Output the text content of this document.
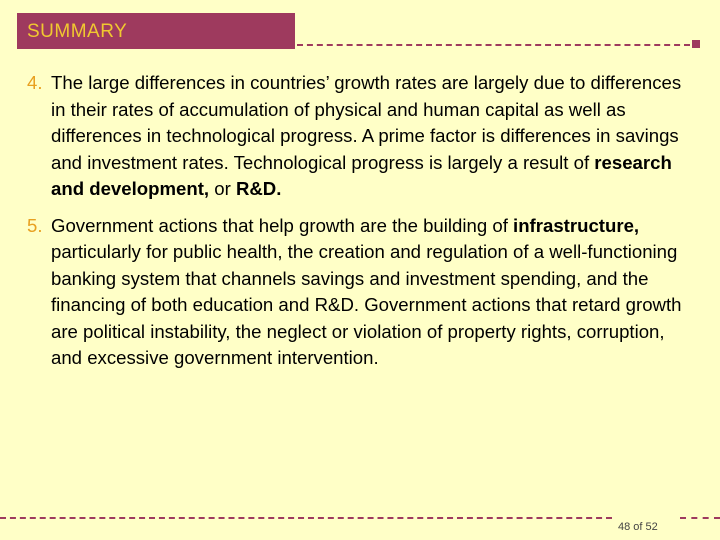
SUMMARY
4. The large differences in countries’ growth rates are largely due to differences in their rates of accumulation of physical and human capital as well as differences in technological progress. A prime factor is differences in savings and investment rates. Technological progress is largely a result of research and development, or R&D.
5. Government actions that help growth are the building of infrastructure, particularly for public health, the creation and regulation of a well-functioning banking system that channels savings and investment spending, and the financing of both education and R&D. Government actions that retard growth are political instability, the neglect or violation of property rights, corruption, and excessive government intervention.
48 of 52
